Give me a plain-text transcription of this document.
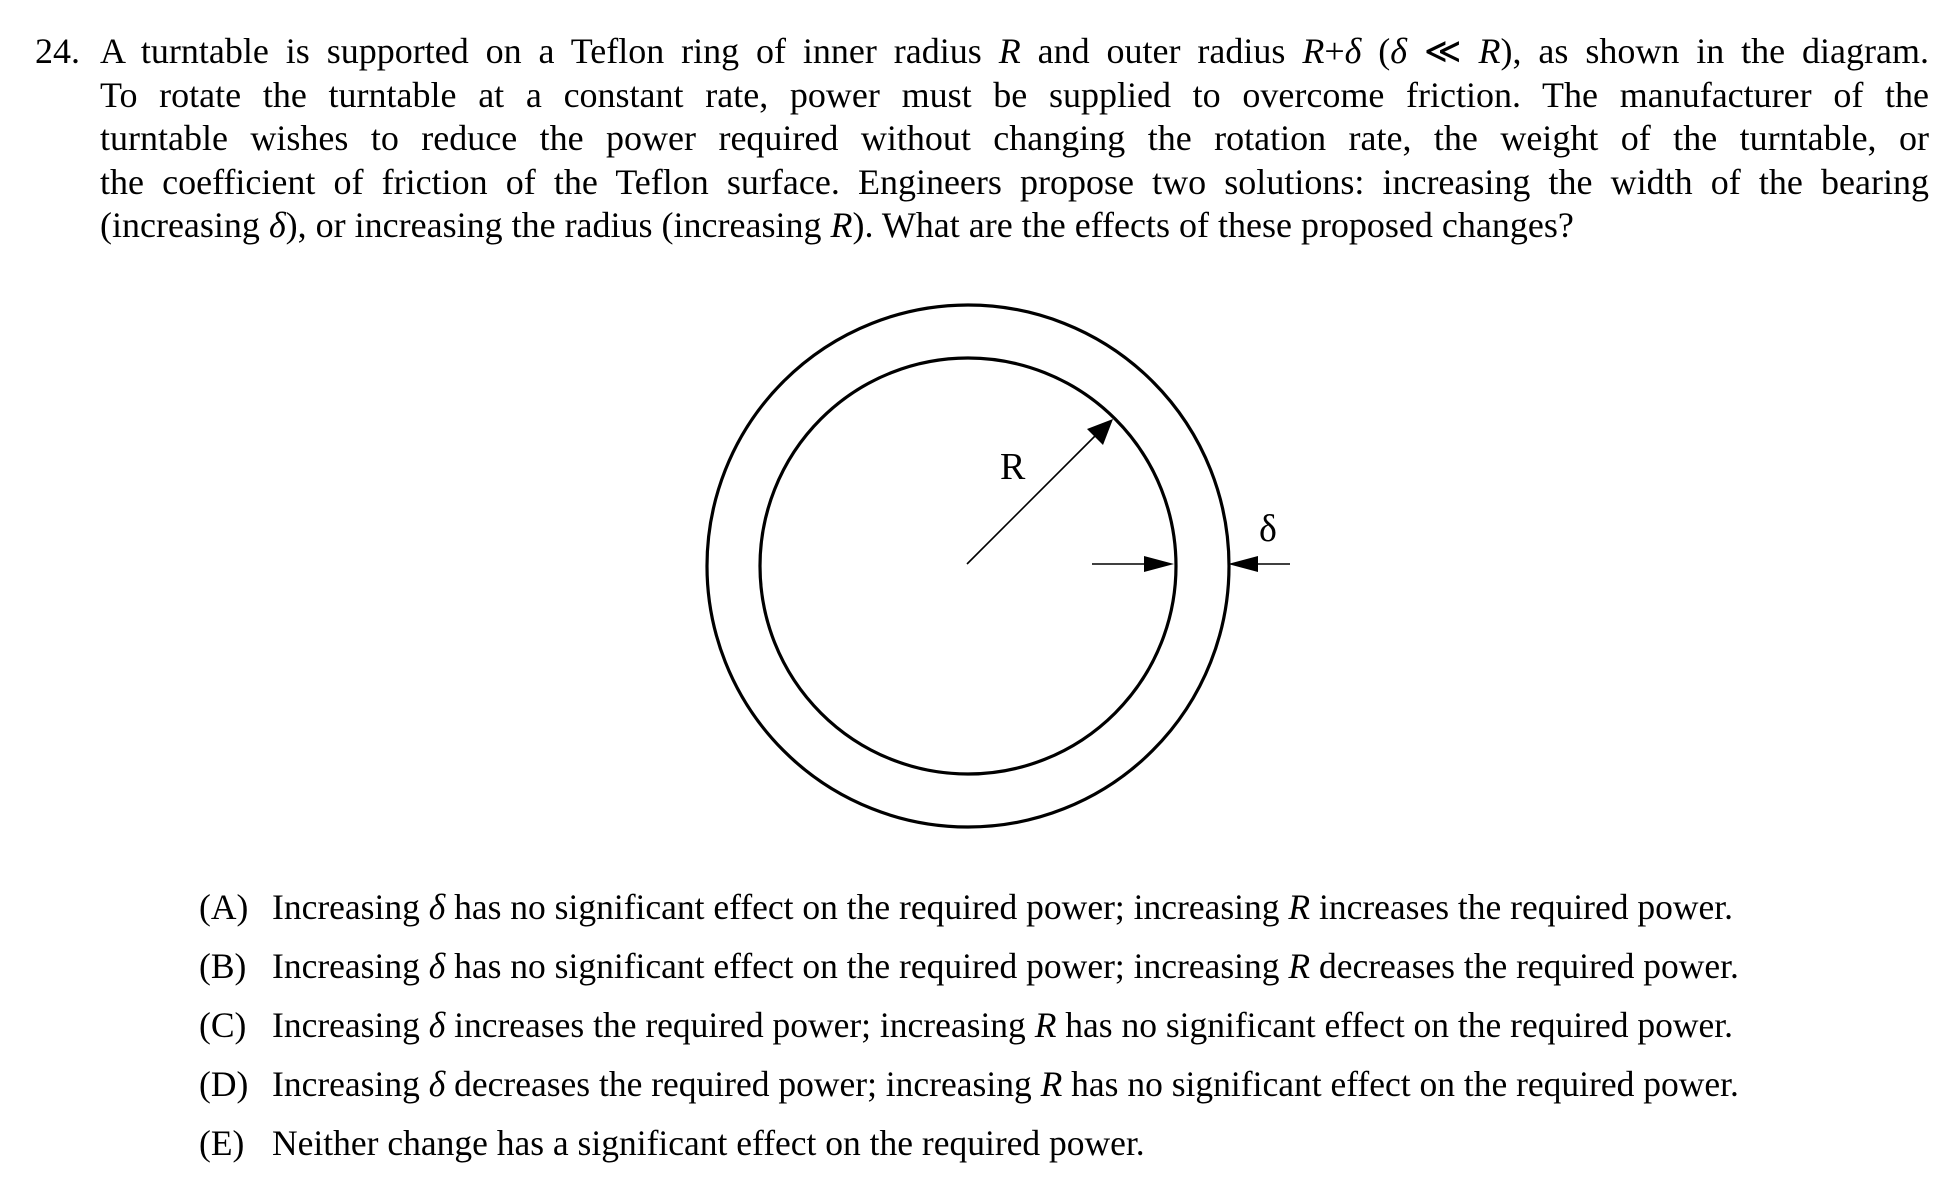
24. A turntable is supported on a Teflon ring of inner radius R and outer radius R+δ (δ ≪ R), as shown in the diagram.
To rotate the turntable at a constant rate, power must be supplied to overcome friction. The manufacturer of the
turntable wishes to reduce the power required without changing the rotation rate, the weight of the turntable, or
the coefficient of friction of the Teflon surface. Engineers propose two solutions: increasing the width of the bearing
(increasing δ), or increasing the radius (increasing R). What are the effects of these proposed changes?
R
δ
(A) Increasing δ has no significant effect on the required power; increasing R increases the required power.
(B) Increasing δ has no significant effect on the required power; increasing R decreases the required power.
(C) Increasing δ increases the required power; increasing R has no significant effect on the required power.
(D) Increasing δ decreases the required power; increasing R has no significant effect on the required power.
(E) Neither change has a significant effect on the required power.
